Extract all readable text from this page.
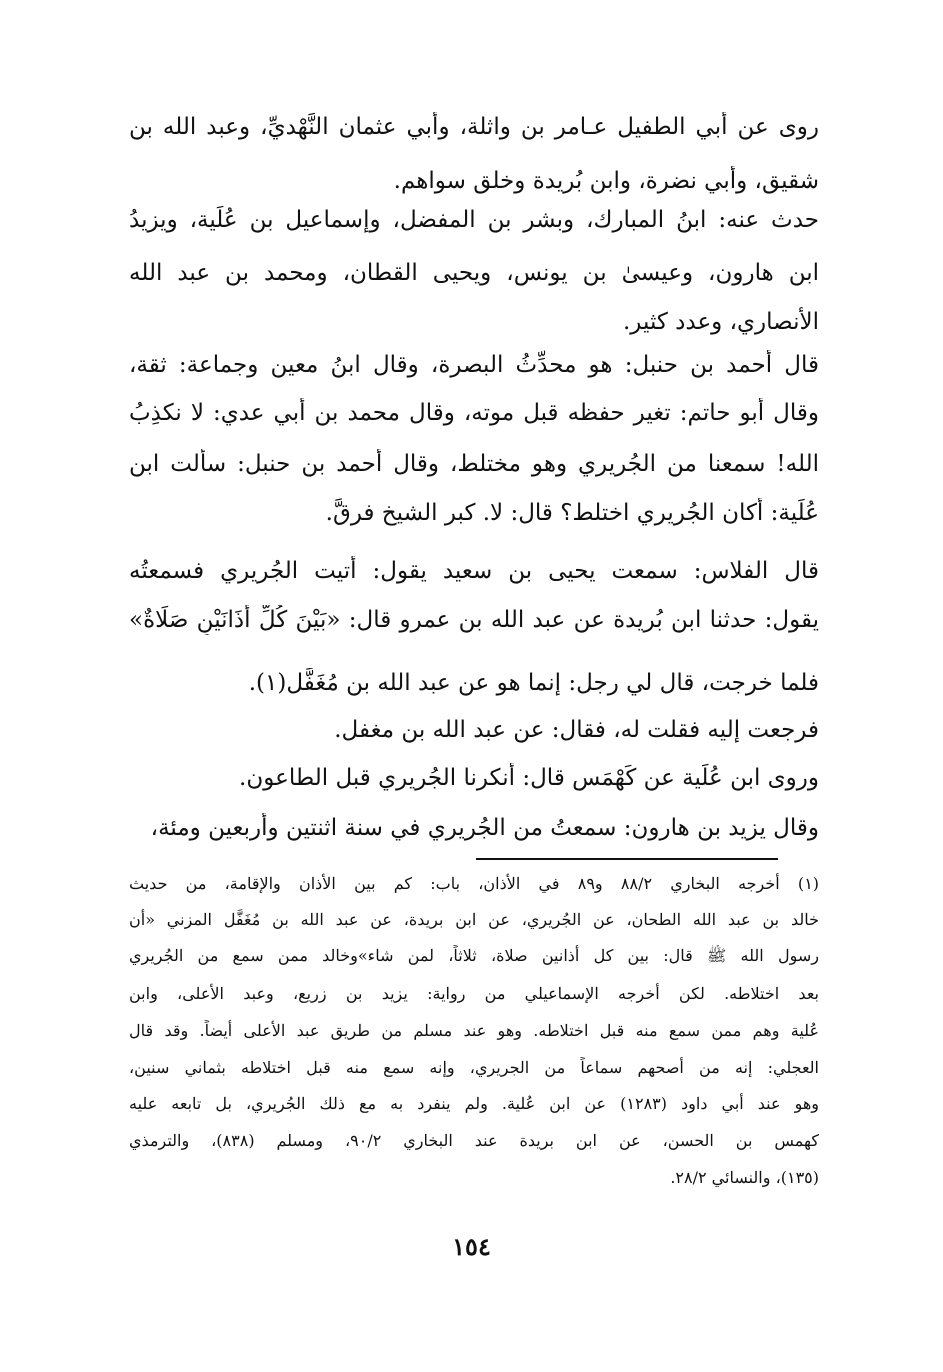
روى عن أبي الطفيل عـامر بن واثلة، وأبي عثمان النَّهْديِّ، وعبد الله بن
شقيق، وأبي نضرة، وابن بُريدة وخلق سواهم.
حدث عنه: ابنُ المبارك، وبشر بن المفضل، وإسماعيل بن عُلَية، ويزيدُ
ابن هارون، وعيسىٰ بن يونس، ويحيى القطان، ومحمد بن عبد الله
الأنصاري، وعدد كثير.
قال أحمد بن حنبل: هو محدِّثُ البصرة، وقال ابنُ معين وجماعة: ثقة،
وقال أبو حاتم: تغير حفظه قبل موته، وقال محمد بن أبي عدي: لا نكذِبُ
الله! سمعنا من الجُريري وهو مختلط، وقال أحمد بن حنبل: سألت ابن
عُلَية: أكان الجُريري اختلط؟ قال: لا. كبر الشيخ فرقَّ.
قال الفلاس: سمعت يحيى بن سعيد يقول: أتيت الجُريري فسمعتُه
يقول: حدثنا ابن بُريدة عن عبد الله بن عمرو قال: «بَيْنَ كُلِّ أَذَانَيْنِ صَلَاةٌ»
فلما خرجت، قال لي رجل: إنما هو عن عبد الله بن مُغَفَّل(١).
فرجعت إليه فقلت له، فقال: عن عبد الله بن مغفل.
وروى ابن عُلَية عن كَهْمَس قال: أنكرنا الجُريري قبل الطاعون.
وقال يزيد بن هارون: سمعتُ من الجُريري في سنة اثنتين وأربعين ومئة،
(١) أخرجه البخاري ٨٨/٢ و٨٩ في الأذان، باب: كم بين الأذان والإقامة، من حديث
خالد بن عبد الله الطحان، عن الجُريري، عن ابن بريدة، عن عبد الله بن مُغَفَّل المزني «أن
رسول الله ﷺ قال: بين كل أذانين صلاة، ثلاثاً، لمن شاء»وخالد ممن سمع من الجُريري
بعد اختلاطه. لكن أخرجه الإسماعيلي من رواية: يزيد بن زريع، وعبد الأعلى، وابن
عُلية وهم ممن سمع منه قبل اختلاطه. وهو عند مسلم من طريق عبد الأعلى أيضاً. وقد قال
العجلي: إنه من أصحهم سماعاً من الجريري، وإنه سمع منه قبل اختلاطه بثماني سنين،
وهو عند أبي داود (١٢٨٣) عن ابن عُلية. ولم ينفرد به مع ذلك الجُريري، بل تابعه عليه
كهمس بن الحسن، عن ابن بريدة عند البخاري ٩٠/٢، ومسلم (٨٣٨)، والترمذي
(١٣٥)، والنسائي ٢٨/٢.
١٥٤
